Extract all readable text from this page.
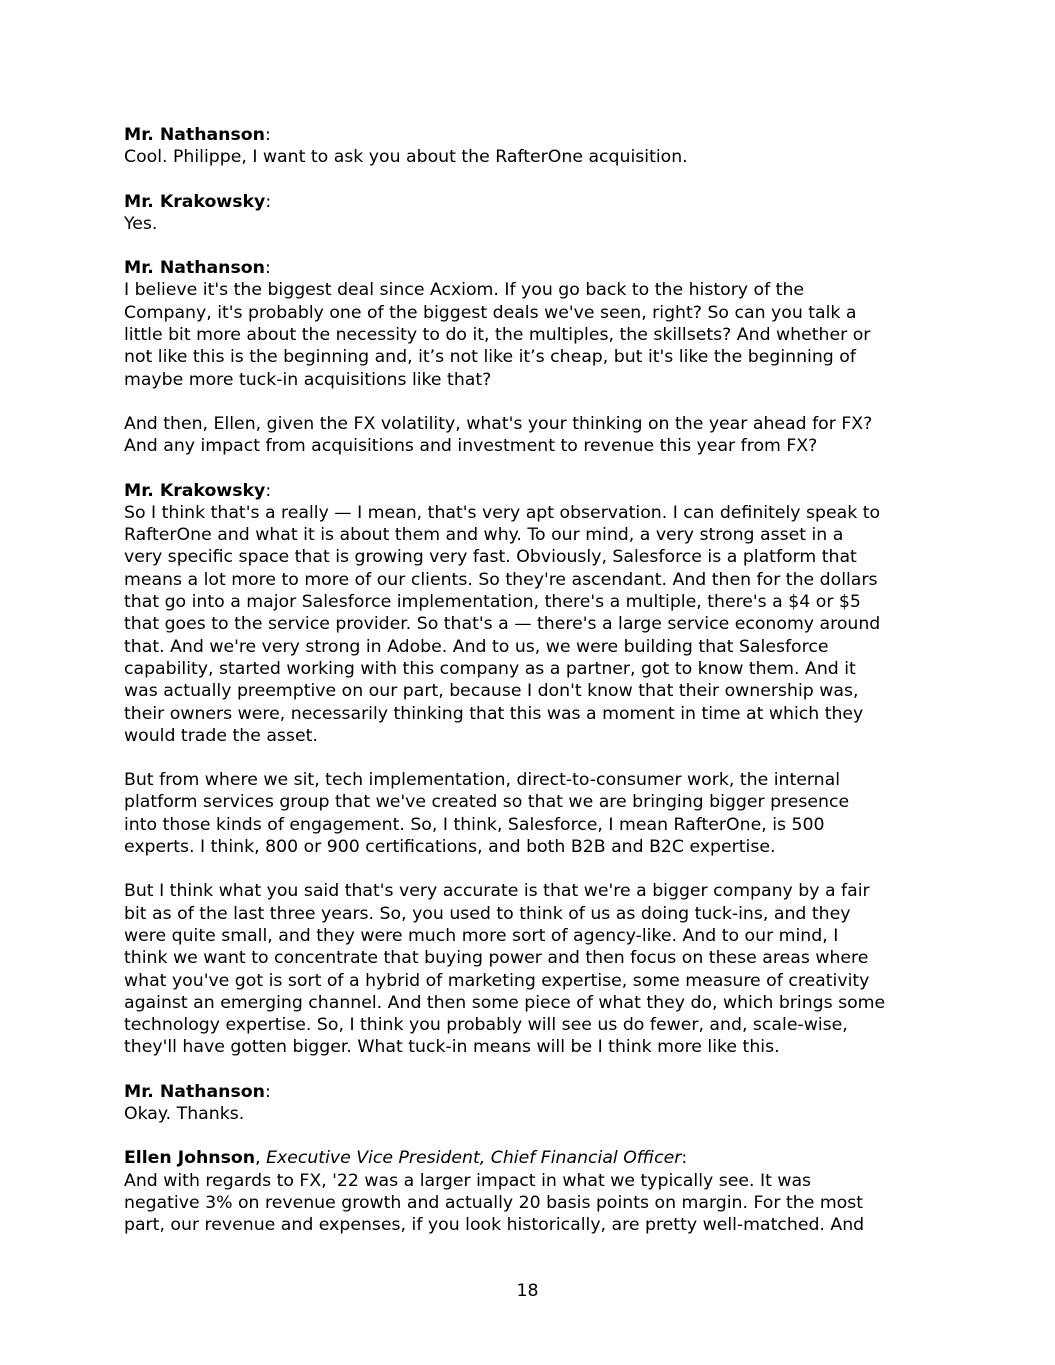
Mr. Nathanson:

Cool. Philippe, I want to ask you about the RafterOne acquisition.

Mr. Krakowsky:

Yes.

Mr. Nathanson:

I believe it's the biggest deal since Acxiom. If you go back to the history of the
Company, it's probably one of the biggest deals we've seen, right? So can you talk a
little bit more about the necessity to do it, the multiples, the skillsets? And whether or
not like this is the beginning and, it’s not like it’s cheap, but it's like the beginning of
maybe more tuck-in acquisitions like that?

And then, Ellen, given the FX volatility, what's your thinking on the year ahead for FX?
And any impact from acquisitions and investment to revenue this year from FX?

Mr. Krakowsky:

So I think that's a really — I mean, that's very apt observation. I can definitely speak to
RafterOne and what it is about them and why. To our mind, a very strong asset in a
very specific space that is growing very fast. Obviously, Salesforce is a platform that
means a lot more to more of our clients. So they're ascendant. And then for the dollars
that go into a major Salesforce implementation, there's a multiple, there's a $4 or $5
that goes to the service provider. So that's a — there's a large service economy around
that. And we're very strong in Adobe. And to us, we were building that Salesforce
capability, started working with this company as a partner, got to know them. And it
was actually preemptive on our part, because I don't know that their ownership was,
their owners were, necessarily thinking that this was a moment in time at which they
would trade the asset.

But from where we sit, tech implementation, direct-to-consumer work, the internal
platform services group that we've created so that we are bringing bigger presence
into those kinds of engagement. So, I think, Salesforce, I mean RafterOne, is 500
experts. I think, 800 or 900 certifications, and both B2B and B2C expertise.

But I think what you said that's very accurate is that we're a bigger company by a fair
bit as of the last three years. So, you used to think of us as doing tuck-ins, and they
were quite small, and they were much more sort of agency-like. And to our mind, I
think we want to concentrate that buying power and then focus on these areas where
what you've got is sort of a hybrid of marketing expertise, some measure of creativity
against an emerging channel. And then some piece of what they do, which brings some
technology expertise. So, I think you probably will see us do fewer, and, scale-wise,
they'll have gotten bigger. What tuck-in means will be I think more like this.

Mr. Nathanson:

Okay. Thanks.

Ellen Johnson, Executive Vice President, Chief Financial Officer:

And with regards to FX, '22 was a larger impact in what we typically see. It was
negative 3% on revenue growth and actually 20 basis points on margin. For the most
part, our revenue and expenses, if you look historically, are pretty well-matched. And

18
